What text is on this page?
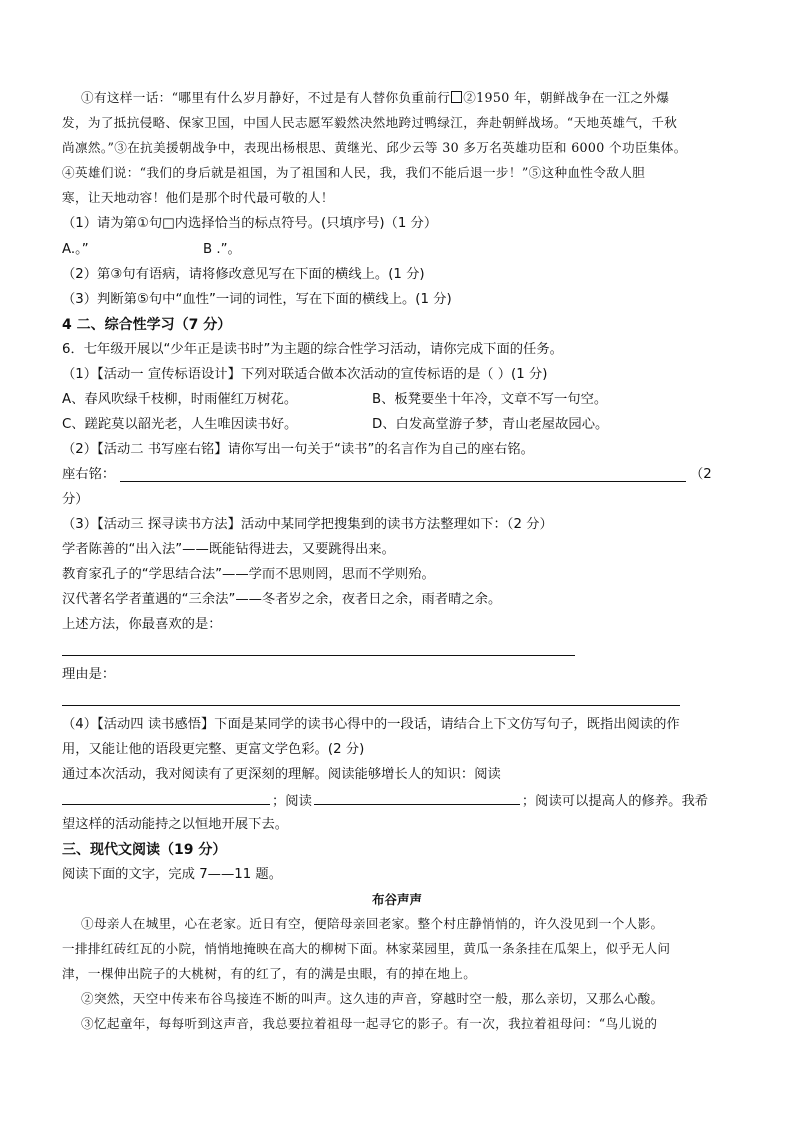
①有这样一话：“哪里有什么岁月静好，不过是有人替你负重前行 ②1950 年，朝鲜战争在一江之外爆
发，为了抵抗侵略、保家卫国，中国人民志愿军毅然决然地跨过鸭绿江，奔赴朝鲜战场。“天地英雄气，千秋
尚凛然。”③在抗美援朝战争中，表现出杨根思、黄继光、邱少云等 30 多万名英雄功臣和 6000 个功臣集体。
④英雄们说：“我们的身后就是祖国，为了祖国和人民，我，我们不能后退一步！”⑤这种血性令敌人胆
寒，让天地动容！他们是那个时代最可敬的人！
（1）请为第①句□内选择恰当的标点符号。(只填序号)（1 分）
A.。”	B .”。
（2）第③句有语病，请将修改意见写在下面的横线上。(1 分)
（3）判断第⑤句中“血性”一词的词性，写在下面的横线上。(1 分)
4 二、综合性学习（7 分）
6．七年级开展以“少年正是读书时”为主题的综合性学习活动，请你完成下面的任务。
（1）【活动一 宣传标语设计】下列对联适合做本次活动的宣传标语的是（ ）(1 分)
A、春风吹绿千枝柳，时雨催红万树花。	B、板凳要坐十年冷，文章不写一句空。
C、蹉跎莫以韶光老，人生唯因读书好。	D、白发高堂游子梦，青山老屋故园心。
（2）【活动二 书写座右铭】请你写出一句关于“读书”的名言作为自己的座右铭。
座右铭：	（2
分）
（3）【活动三 探寻读书方法】活动中某同学把搜集到的读书方法整理如下：（2 分）
学者陈善的“出入法”——既能钻得进去，又要跳得出来。
教育家孔子的“学思结合法”——学而不思则罔，思而不学则殆。
汉代著名学者董遇的“三余法”——冬者岁之余，夜者日之余，雨者晴之余。
上述方法，你最喜欢的是：
理由是：
（4）【活动四 读书感悟】下面是某同学的读书心得中的一段话，请结合上下文仿写句子，既指出阅读的作
用，又能让他的语段更完整、更富文学色彩。(2 分)
通过本次活动，我对阅读有了更深刻的理解。阅读能够增长人的知识：阅读
；阅读	；阅读可以提高人的修养。我希
望这样的活动能持之以恒地开展下去。
三、现代文阅读（19 分）
阅读下面的文字，完成 7——11 题。
布谷声声
①母亲人在城里，心在老家。近日有空，便陪母亲回老家。整个村庄静悄悄的，许久没见到一个人影。
一排排红砖红瓦的小院，悄悄地掩映在高大的柳树下面。林家菜园里，黄瓜一条条挂在瓜架上，似乎无人问
津，一棵伸出院子的大桃树，有的红了，有的满是虫眼，有的掉在地上。
②突然，天空中传来布谷鸟接连不断的叫声。这久违的声音，穿越时空一般，那么亲切，又那么心酸。
③忆起童年，每每听到这声音，我总要拉着祖母一起寻它的影子。有一次，我拉着祖母问：“鸟儿说的
